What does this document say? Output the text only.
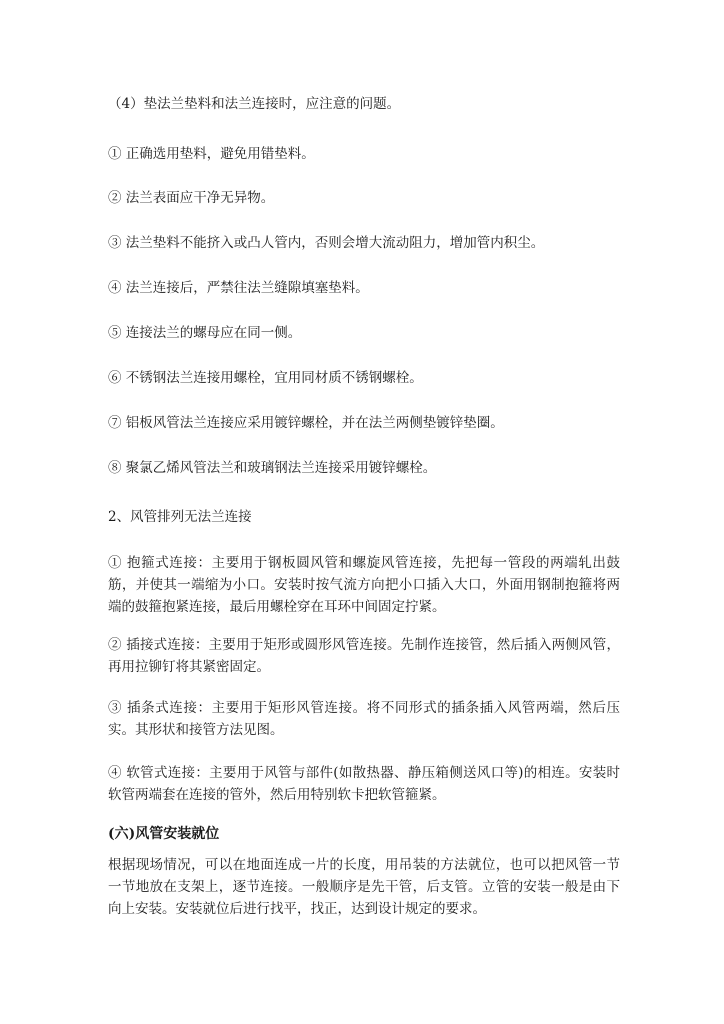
（4）垫法兰垫料和法兰连接时，应注意的问题。

① 正确选用垫料，避免用错垫料。

② 法兰表面应干净无异物。

③ 法兰垫料不能挤入或凸人管内，否则会增大流动阻力，增加管内积尘。

④ 法兰连接后，严禁往法兰缝隙填塞垫料。

⑤ 连接法兰的螺母应在同一侧。

⑥ 不锈钢法兰连接用螺栓，宜用同材质不锈钢螺栓。

⑦ 铝板风管法兰连接应采用镀锌螺栓，并在法兰两侧垫镀锌垫圈。

⑧ 聚氯乙烯风管法兰和玻璃钢法兰连接采用镀锌螺栓。

2、风管排列无法兰连接

① 抱箍式连接：主要用于钢板圆风管和螺旋风管连接，先把每一管段的两端轧出鼓筋，并使其一端缩为小口。安装时按气流方向把小口插入大口，外面用钢制抱箍将两端的鼓箍抱紧连接，最后用螺栓穿在耳环中间固定拧紧。

② 插接式连接：主要用于矩形或圆形风管连接。先制作连接管，然后插入两侧风管，再用拉铆钉将其紧密固定。

③ 插条式连接：主要用于矩形风管连接。将不同形式的插条插入风管两端，然后压实。其形状和接管方法见图。

④ 软管式连接：主要用于风管与部件(如散热器、静压箱侧送风口等)的相连。安装时软管两端套在连接的管外，然后用特别软卡把软管箍紧。

(六)风管安装就位

根据现场情况，可以在地面连成一片的长度，用吊装的方法就位，也可以把风管一节一节地放在支架上，逐节连接。一般顺序是先干管，后支管。立管的安装一般是由下向上安装。安装就位后进行找平，找正，达到设计规定的要求。
